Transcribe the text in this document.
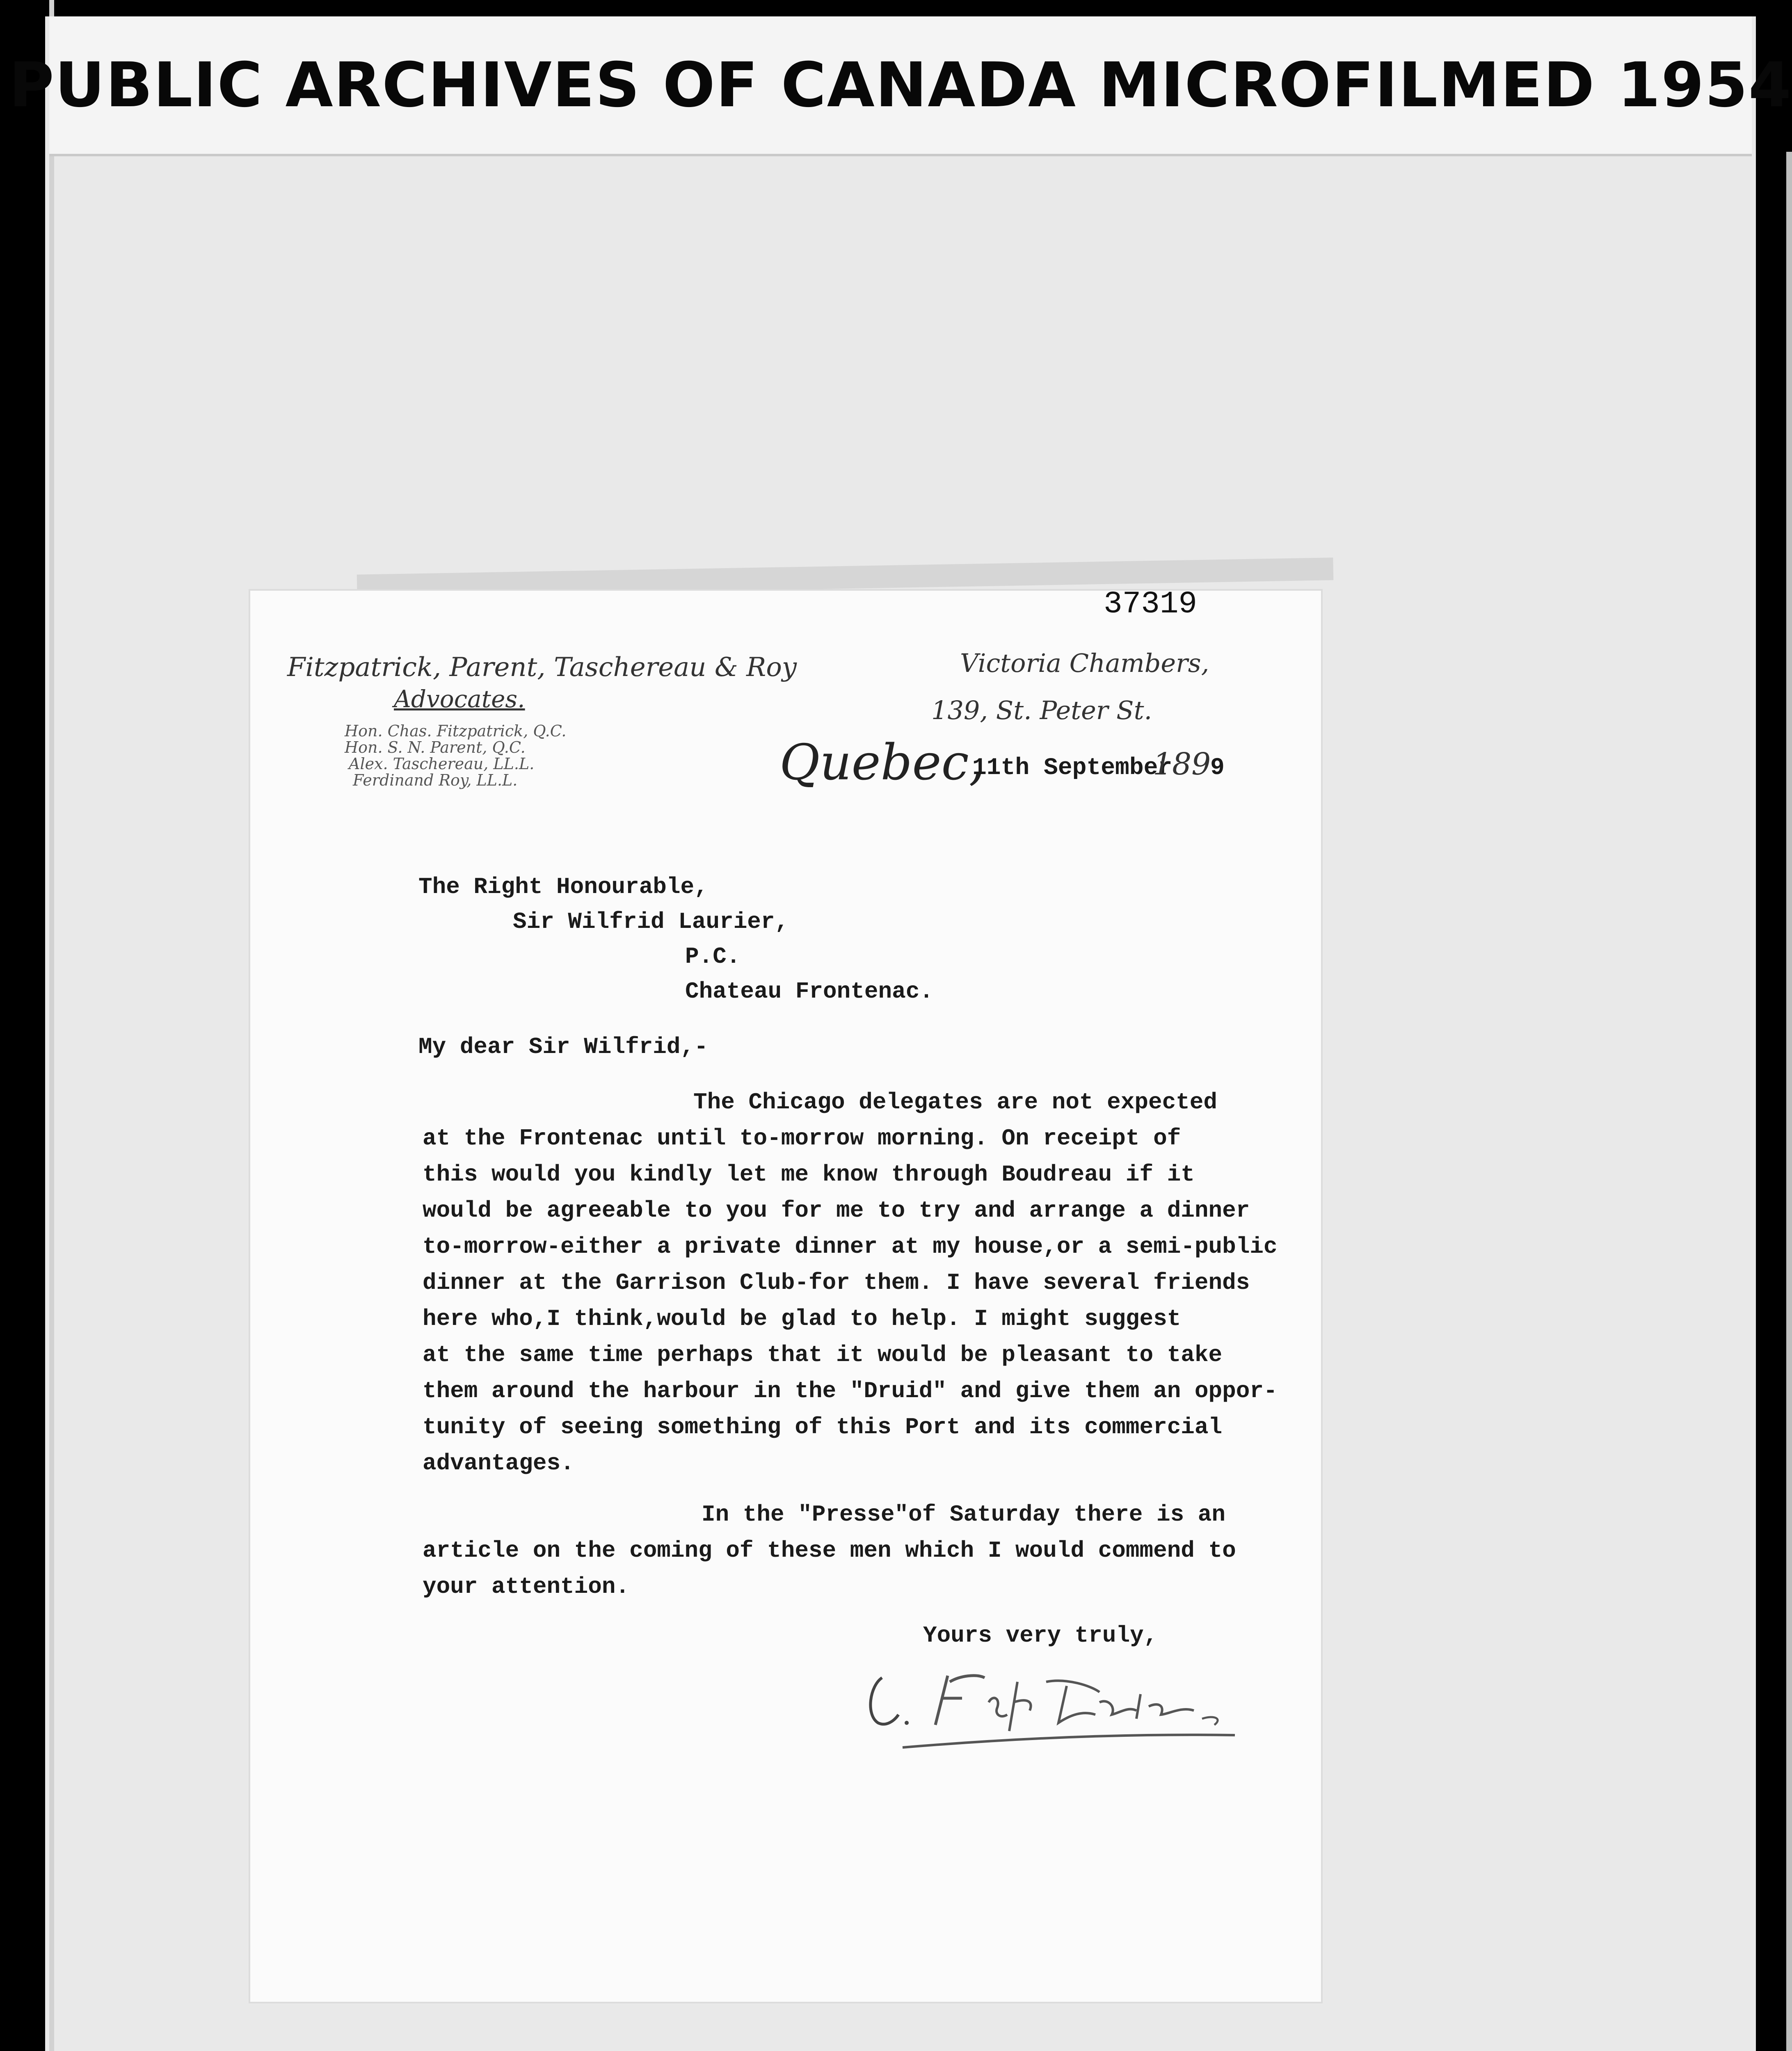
PUBLIC ARCHIVES OF CANADA MICROFILMED 1954
37319
Fitzpatrick, Parent, Taschereau & Roy
Advocates.
Hon. Chas. Fitzpatrick, Q.C.
Hon. S. N. Parent, Q.C.
Alex. Taschereau, LL.L.
Ferdinand Roy, LL.L.
Victoria Chambers,
139, St. Peter St.
Quebec,
11th September
189
9
The Right Honourable,
Sir Wilfrid Laurier,
P.C.
Chateau Frontenac.
My dear Sir Wilfrid,-
The Chicago delegates are not expected
at the Frontenac until to-morrow morning. On receipt of
this would you kindly let me know through Boudreau if it
would be agreeable to you for me to try and arrange a dinner
to-morrow-either a private dinner at my house,or a semi-public
dinner at the Garrison Club-for them. I have several friends
here who,I think,would be glad to help. I might suggest
at the same time perhaps that it would be pleasant to take
them around the harbour in the "Druid" and give them an oppor-
tunity of seeing something of this Port and its commercial
advantages.
In the "Presse"of Saturday there is an
article on the coming of these men which I would commend to
your attention.
Yours very truly,
